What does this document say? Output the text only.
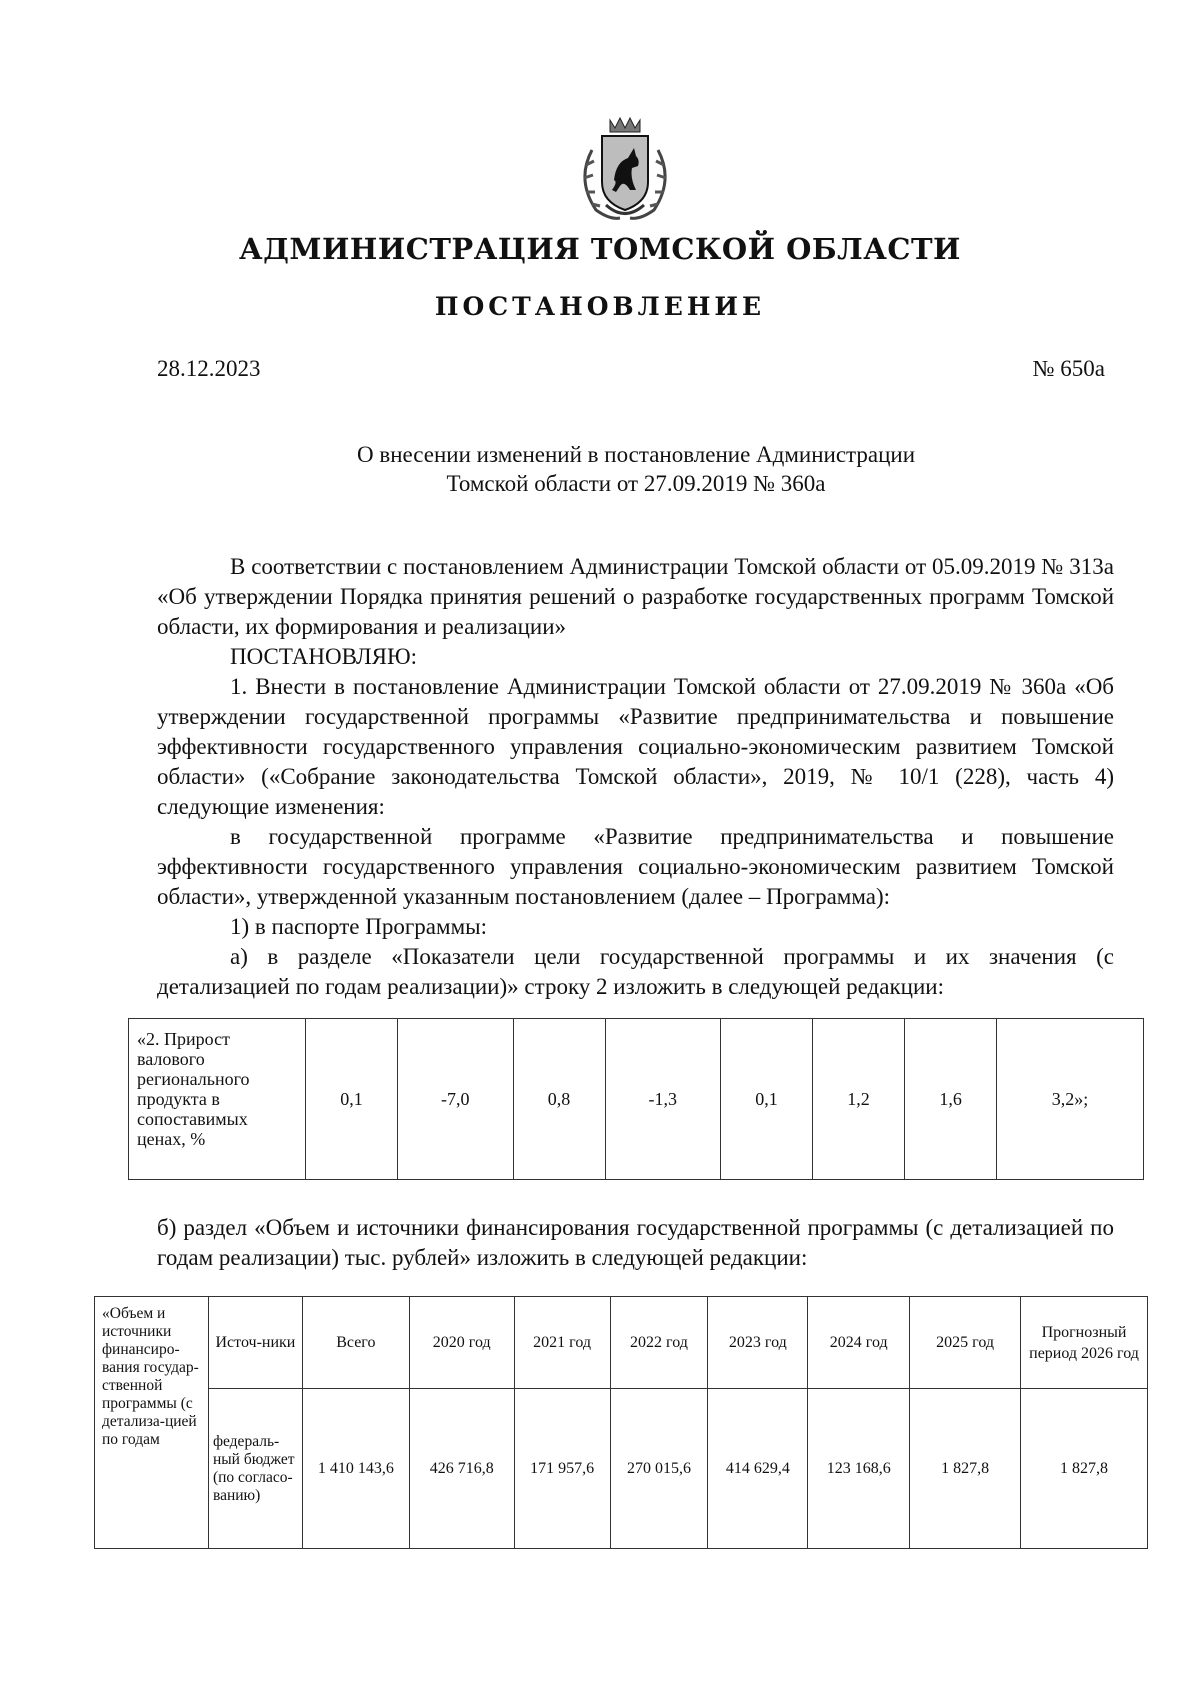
АДМИНИСТРАЦИЯ ТОМСКОЙ ОБЛАСТИ
ПОСТАНОВЛЕНИЕ
28.12.2023	№ 650а
О внесении изменений в постановление Администрации
Томской области от 27.09.2019 № 360а

В соответствии с постановлением Администрации Томской области от 05.09.2019 № 313а «Об утверждении Порядка принятия решений о разработке государственных программ Томской области, их формирования и реализации»

ПОСТАНОВЛЯЮ:

1. Внести в постановление Администрации Томской области от 27.09.2019 № 360а «Об утверждении государственной программы «Развитие предпринимательства и повышение эффективности государственного управления социально-экономическим развитием Томской области» («Собрание законодательства Томской области», 2019, № 10/1 (228), часть 4) следующие изменения:

в государственной программе «Развитие предпринимательства и повышение эффективности государственного управления социально-экономическим развитием Томской области», утвержденной указанным постановлением (далее – Программа):

1) в паспорте Программы:

а) в разделе «Показатели цели государственной программы и их значения (с детализацией по годам реализации)» строку 2 изложить в следующей редакции:

«2. Прирост валового регионального продукта в сопоставимых ценах, %	0,1	-7,0	0,8	-1,3	0,1	1,2	1,6	3,2»;

б) раздел «Объем и источники финансирования государственной программы (с детализацией по годам реализации) тыс. рублей» изложить в следующей редакции:

«Объем и источники финансиро-вания государ-ственной программы (с детализа-цией по годам	Источ-ники	Всего	2020 год	2021 год	2022 год	2023 год	2024 год	2025 год	Прогнозный период 2026 год
	федераль-ный бюджет (по согласо-ванию)	1 410 143,6	426 716,8	171 957,6	270 015,6	414 629,4	123 168,6	1 827,8	1 827,8
